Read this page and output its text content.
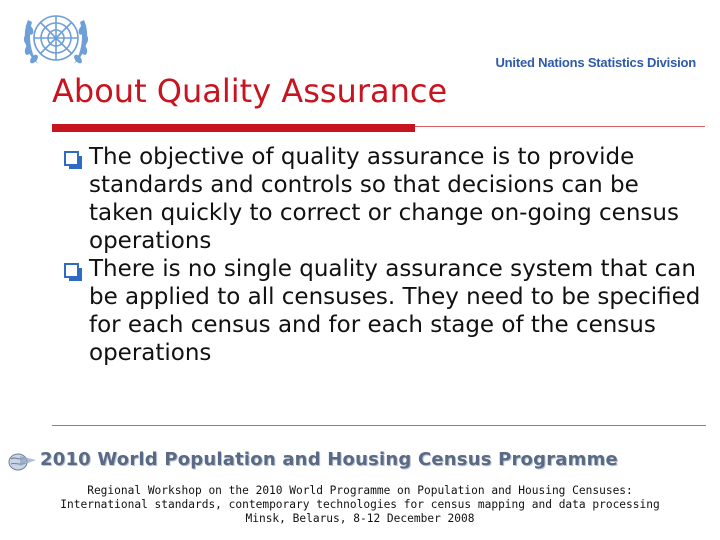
United Nations Statistics Division
About Quality Assurance
The objective of quality assurance is to provide standards and controls so that decisions can be taken quickly to correct or change on-going census operations
There is no single quality assurance system that can be applied to all censuses. They need to be specified for each census and for each stage of the census operations
2010 World Population and Housing Census Programme
Regional Workshop on the 2010 World Programme on Population and Housing Censuses:
International standards, contemporary technologies for census mapping and data processing
Minsk, Belarus, 8-12 December 2008
